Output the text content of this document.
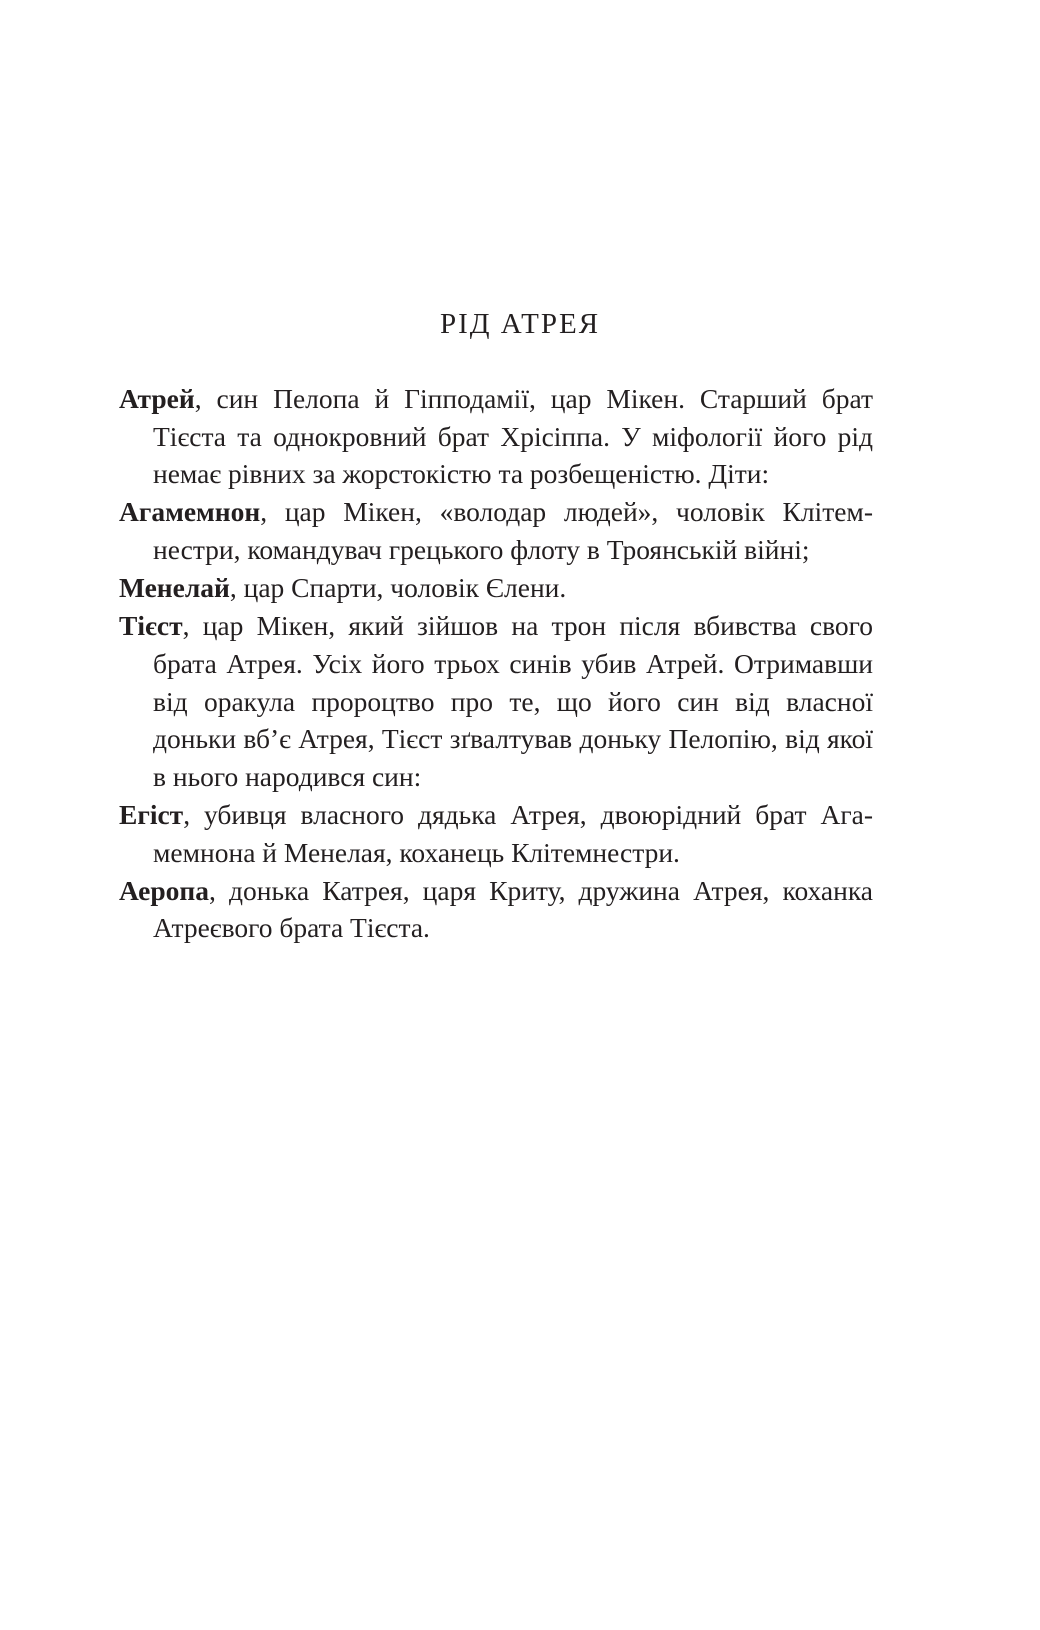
РІД АТРЕЯ

Атрей, син Пелопа й Гіпподамії, цар Мікен. Старший брат Тієста та однокровний брат Хрісіппа. У міфології його рід немає рівних за жорстокістю та розбещеністю. Діти:

Агамемнон, цар Мікен, «володар людей», чоловік Клітемнестри, командувач грецького флоту в Троянській війні;

Менелай, цар Спарти, чоловік Єлени.

Тієст, цар Мікен, який зійшов на трон після вбивства свого брата Атрея. Усіх його трьох синів убив Атрей. Отримавши від оракула пророцтво про те, що його син від власної доньки вб’є Атрея, Тієст зґвалтував доньку Пелопію, від якої в нього народився син:

Егіст, убивця власного дядька Атрея, двоюрідний брат Агамемнона й Менелая, коханець Клітемнестри.

Аеропа, донька Катрея, царя Криту, дружина Атрея, коханка Атреєвого брата Тієста.
